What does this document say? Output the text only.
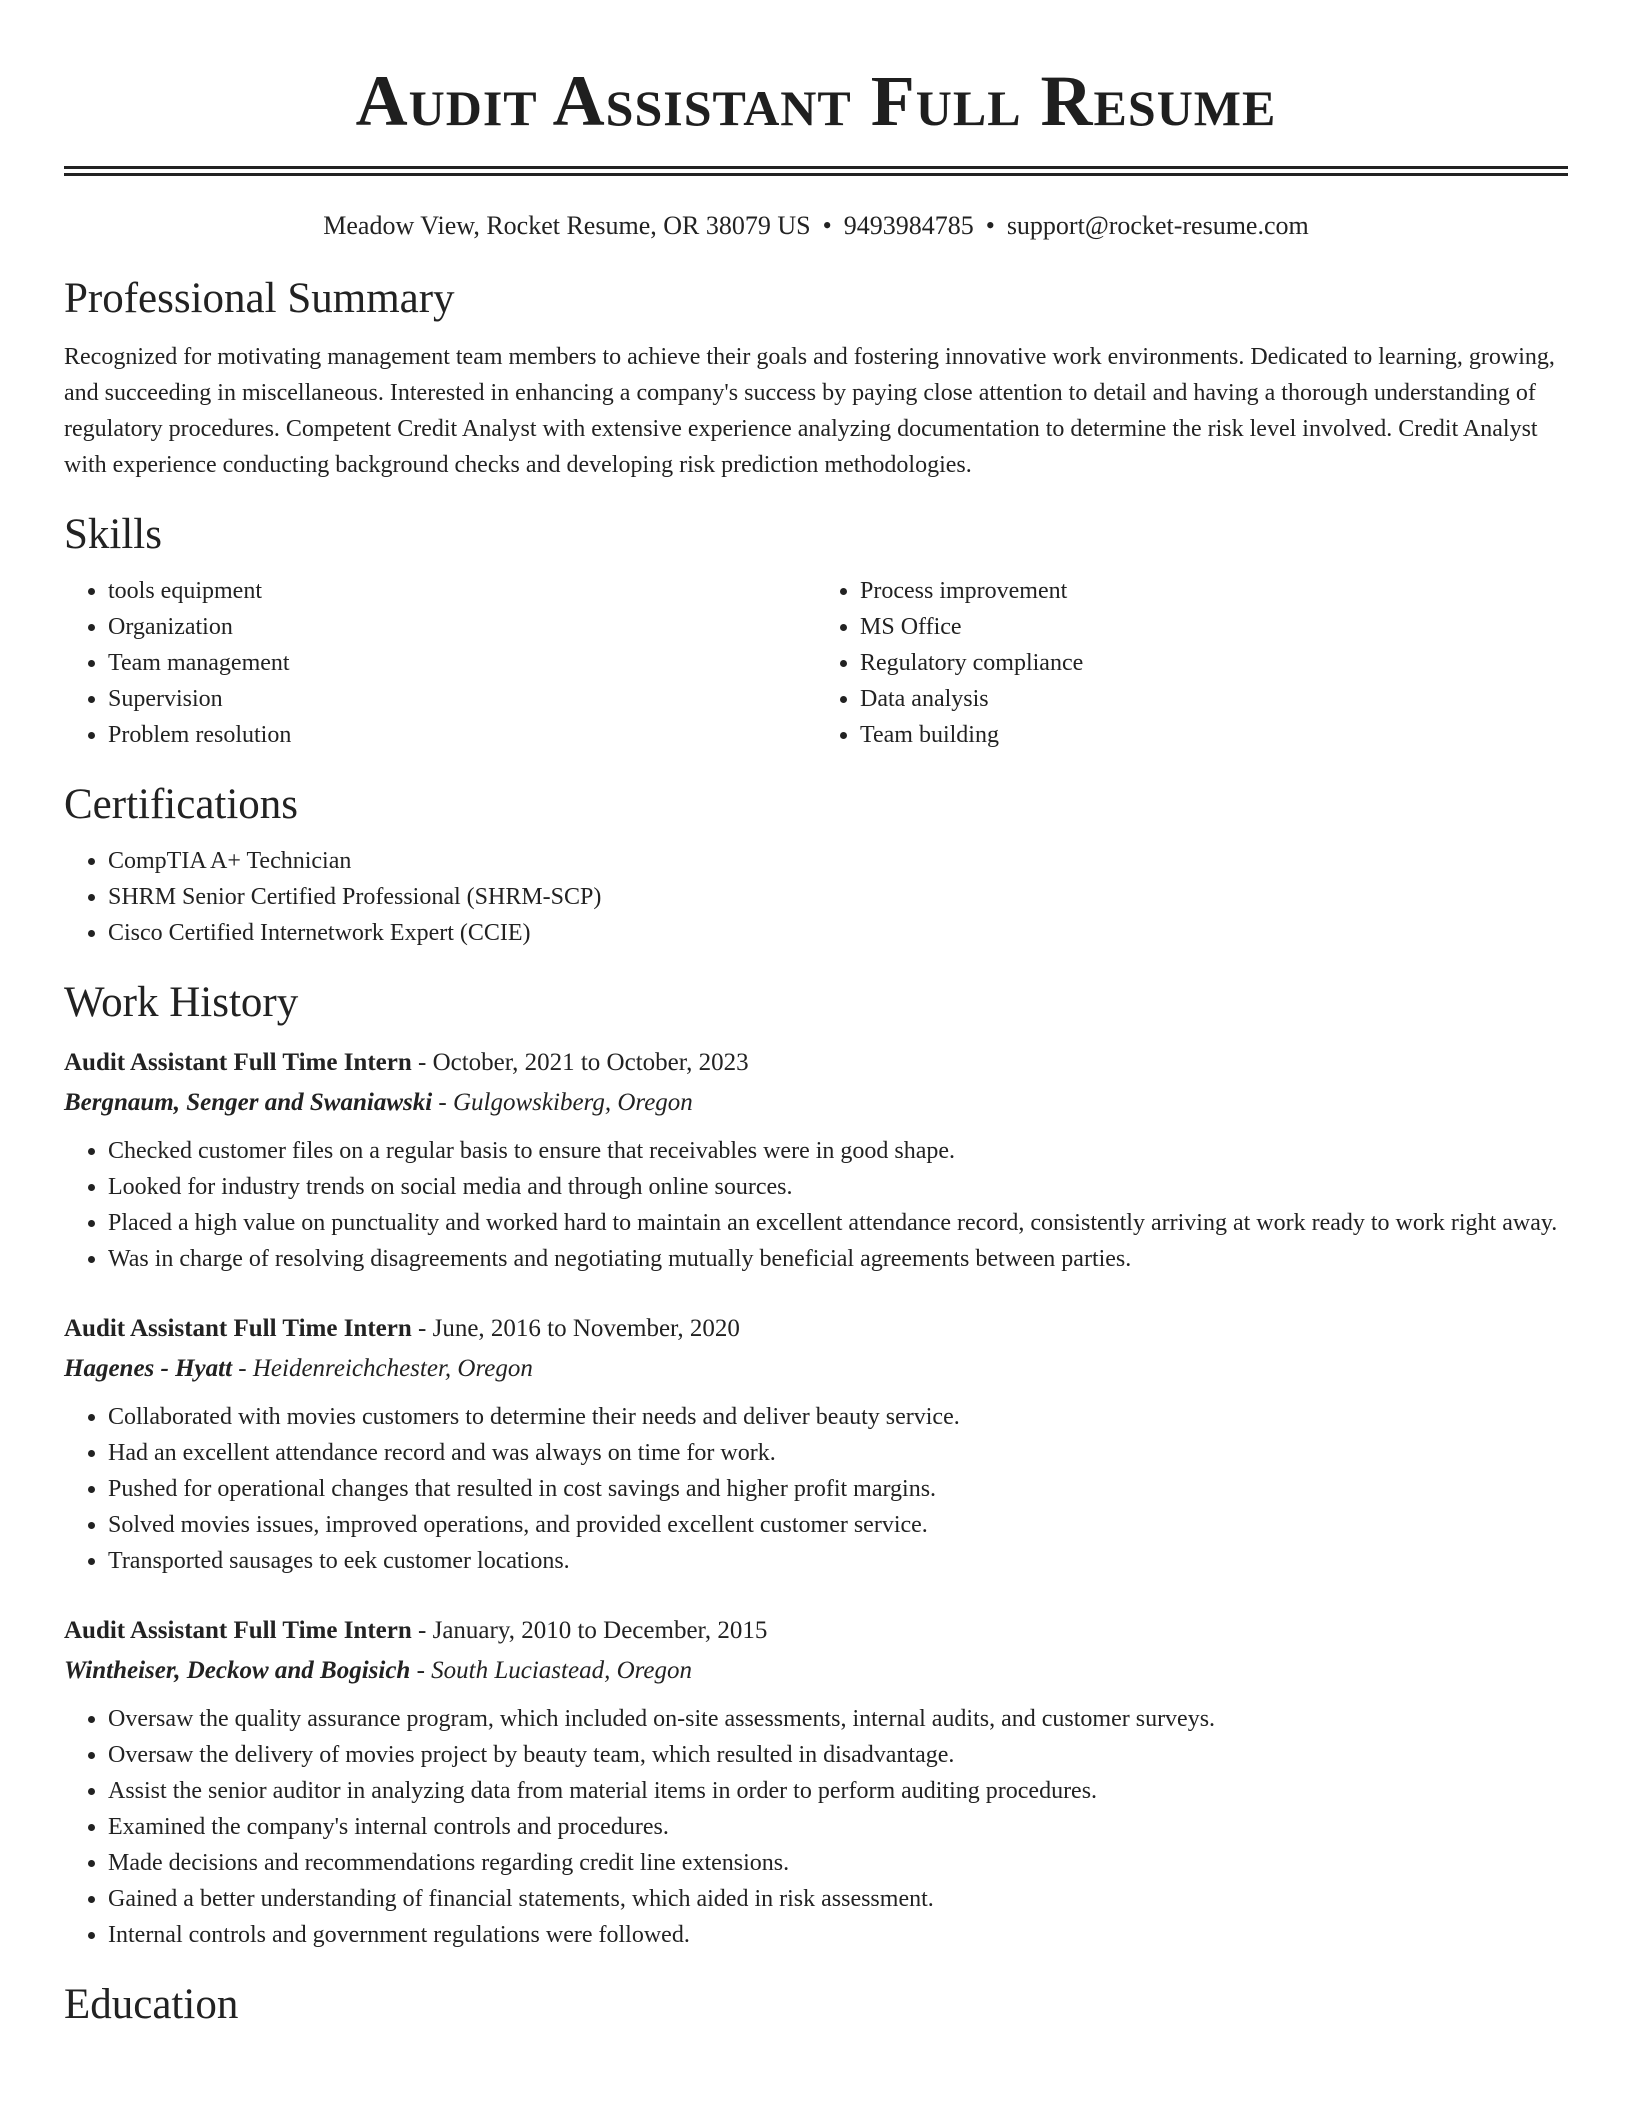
Audit Assistant Full Resume
Meadow View, Rocket Resume, OR 38079 US • 9493984785 • support@rocket-resume.com
Professional Summary

Recognized for motivating management team members to achieve their goals and fostering innovative work environments. Dedicated to learning, growing, and succeeding in miscellaneous. Interested in enhancing a company's success by paying close attention to detail and having a thorough understanding of regulatory procedures. Competent Credit Analyst with extensive experience analyzing documentation to determine the risk level involved. Credit Analyst with experience conducting background checks and developing risk prediction methodologies.

Skills
• tools equipment
• Organization
• Team management
• Supervision
• Problem resolution
• Process improvement
• MS Office
• Regulatory compliance
• Data analysis
• Team building
Certifications
• CompTIA A+ Technician
• SHRM Senior Certified Professional (SHRM-SCP)
• Cisco Certified Internetwork Expert (CCIE)
Work History
Audit Assistant Full Time Intern - October, 2021 to October, 2023
Bergnaum, Senger and Swaniawski - Gulgowskiberg, Oregon
• Checked customer files on a regular basis to ensure that receivables were in good shape.
• Looked for industry trends on social media and through online sources.
• Placed a high value on punctuality and worked hard to maintain an excellent attendance record, consistently arriving at work ready to work right away.
• Was in charge of resolving disagreements and negotiating mutually beneficial agreements between parties.
Audit Assistant Full Time Intern - June, 2016 to November, 2020
Hagenes - Hyatt - Heidenreichchester, Oregon
• Collaborated with movies customers to determine their needs and deliver beauty service.
• Had an excellent attendance record and was always on time for work.
• Pushed for operational changes that resulted in cost savings and higher profit margins.
• Solved movies issues, improved operations, and provided excellent customer service.
• Transported sausages to eek customer locations.
Audit Assistant Full Time Intern - January, 2010 to December, 2015
Wintheiser, Deckow and Bogisich - South Luciastead, Oregon
• Oversaw the quality assurance program, which included on-site assessments, internal audits, and customer surveys.
• Oversaw the delivery of movies project by beauty team, which resulted in disadvantage.
• Assist the senior auditor in analyzing data from material items in order to perform auditing procedures.
• Examined the company's internal controls and procedures.
• Made decisions and recommendations regarding credit line extensions.
• Gained a better understanding of financial statements, which aided in risk assessment.
• Internal controls and government regulations were followed.
Education
